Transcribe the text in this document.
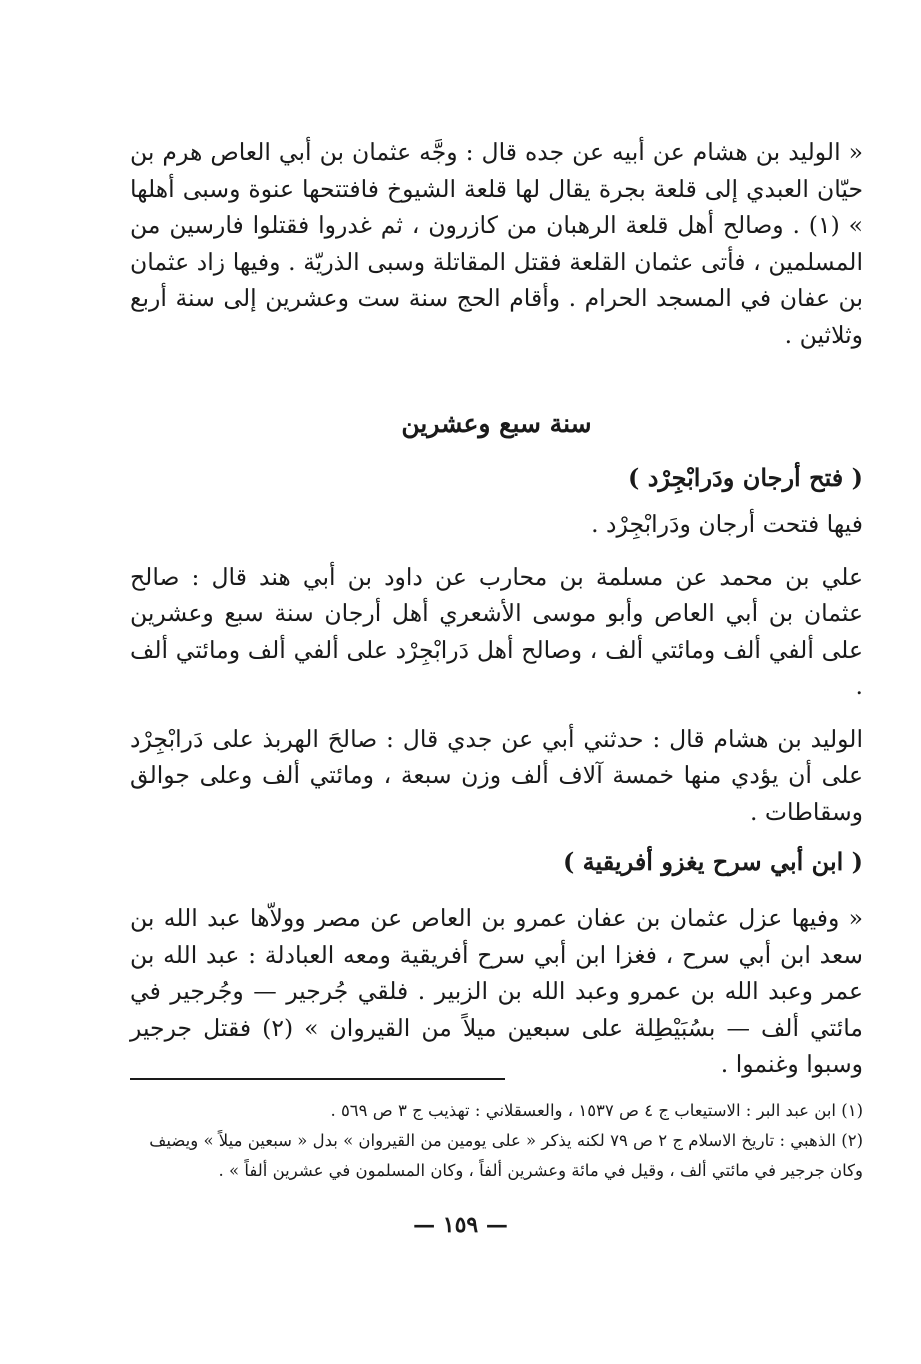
« الوليد بن هشام عن أبيه عن جده قال : وجَّه عثمان بن أبي العاص هرم بن حيّان العبدي إلى قلعة بجرة يقال لها قلعة الشيوخ فافتتحها عنوة وسبى أهلها » (١) . وصالح أهل قلعة الرهبان من كازرون ، ثم غدروا فقتلوا فارسين من المسلمين ، فأتى عثمان القلعة فقتل المقاتلة وسبى الذريّة . وفيها زاد عثمان بن عفان في المسجد الحرام . وأقام الحج سنة ست وعشرين إلى سنة أربع وثلاثين .

سنة سبع وعشرين
( فتح أرجان ودَرابْجِرْد )

فيها فتحت أرجان ودَرابْجِرْد .

علي بن محمد عن مسلمة بن محارب عن داود بن أبي هند قال : صالح عثمان بن أبي العاص وأبو موسى الأشعري أهل أرجان سنة سبع وعشرين على ألفي ألف ومائتي ألف ، وصالح أهل دَرابْجِرْد على ألفي ألف ومائتي ألف .

الوليد بن هشام قال : حدثني أبي عن جدي قال : صالحَ الهربذ على دَرابْجِرْد على أن يؤدي منها خمسة آلاف ألف وزن سبعة ، ومائتي ألف وعلى جوالق وسقاطات .

( ابن أبي سرح يغزو أفريقية )

« وفيها عزل عثمان بن عفان عمرو بن العاص عن مصر وولاّها عبد الله بن سعد ابن أبي سرح ، فغزا ابن أبي سرح أفريقية ومعه العبادلة : عبد الله بن عمر وعبد الله بن عمرو وعبد الله بن الزبير . فلقي جُرجير — وجُرجير في مائتي ألف — بسُبَيْطِلة على سبعين ميلاً من القيروان » (٢) فقتل جرجير وسبوا وغنموا .

(١) ابن عبد البر : الاستيعاب ج ٤ ص ١٥٣٧ ، والعسقلاني : تهذيب ج ٣ ص ٥٦٩ .

(٢) الذهبي : تاريخ الاسلام ج ٢ ص ٧٩ لكنه يذكر « على يومين من القيروان » بدل « سبعين ميلاً » ويضيف وكان جرجير في مائتي ألف ، وقيل في مائة وعشرين ألفاً ، وكان المسلمون في عشرين ألفاً » .

— ١٥٩ —
